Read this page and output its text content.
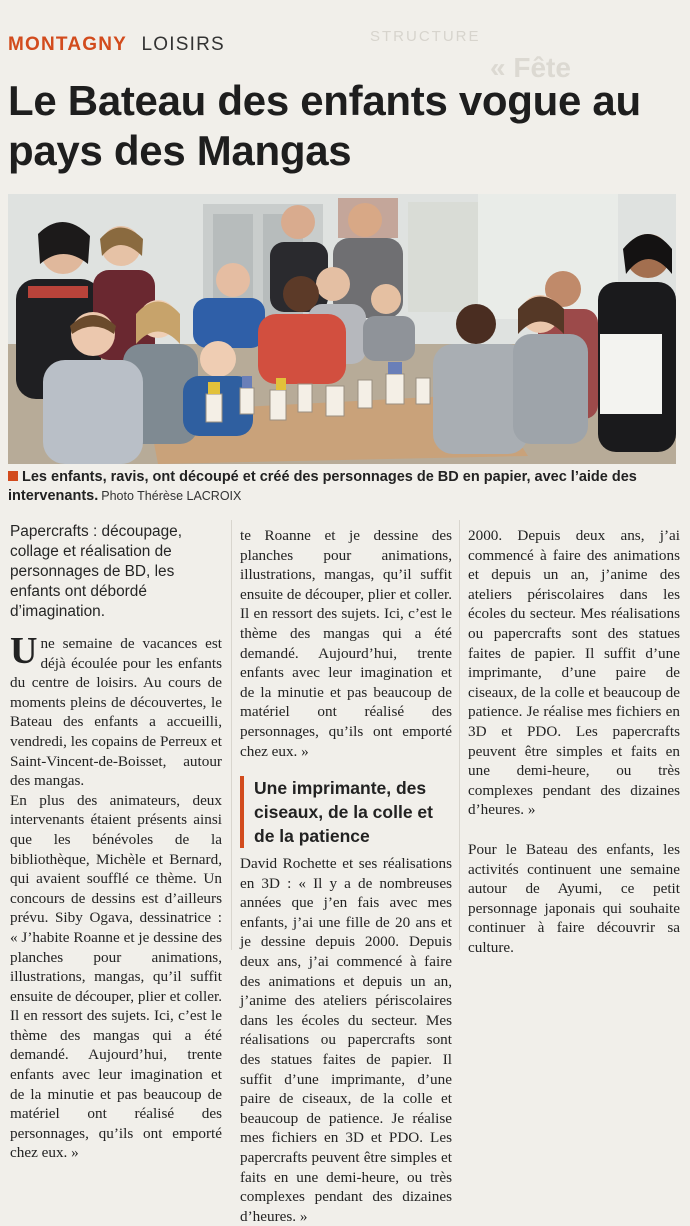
STRUCTURE
« Fête
MONTAGNY LOISIRS
Le Bateau des enfants vogue au pays des Mangas
Les enfants, ravis, ont découpé et créé des personnages de BD en papier, avec l’aide des intervenants. Photo Thérèse LACROIX

Papercrafts : découpage, collage et réalisation de personnages de BD, les enfants ont débordé d’imagination.

Une semaine de vacances est déjà écoulée pour les enfants du centre de loisirs. Au cours de moments pleins de découvertes, le Bateau des enfants a accueilli, vendredi, les copains de Perreux et Saint-Vincent-de-Boisset, autour des mangas.

En plus des animateurs, deux intervenants étaient présents ainsi que les bénévoles de la bibliothèque, Michèle et Bernard, qui avaient soufflé ce thème. Un concours de dessins est d’ailleurs prévu. Siby Ogava, dessinatrice : « J’habite Roanne et je dessine des planches pour animations, illustrations, mangas, qu’il suffit ensuite de découper, plier et coller. Il en ressort des sujets. Ici, c’est le thème des mangas qui a été demandé. Aujourd’hui, trente enfants avec leur imagination et de la minutie et pas beaucoup de matériel ont réalisé des personnages, qu’ils ont emporté chez eux. »

te Roanne et je dessine des planches pour animations, illustrations, mangas, qu’il suffit ensuite de découper, plier et coller. Il en ressort des sujets. Ici, c’est le thème des mangas qui a été demandé. Aujourd’hui, trente enfants avec leur imagination et de la minutie et pas beaucoup de matériel ont réalisé des personnages, qu’ils ont emporté chez eux. »

Une imprimante, des ciseaux, de la colle et de la patience

David Rochette et ses réalisations en 3D : « Il y a de nombreuses années que j’en fais avec mes enfants, j’ai une fille de 20 ans et je dessine depuis 2000. Depuis deux ans, j’ai commencé à faire des animations et depuis un an, j’anime des ateliers périscolaires dans les écoles du secteur. Mes réalisations ou papercrafts sont des statues faites de papier. Il suffit d’une imprimante, d’une paire de ciseaux, de la colle et beaucoup de patience. Je réalise mes fichiers en 3D et PDO. Les papercrafts peuvent être simples et faits en une demi-heure, ou très complexes pendant des dizaines d’heures. »

2000. Depuis deux ans, j’ai commencé à faire des animations et depuis un an, j’anime des ateliers périscolaires dans les écoles du secteur. Mes réalisations ou papercrafts sont des statues faites de papier. Il suffit d’une imprimante, d’une paire de ciseaux, de la colle et beaucoup de patience. Je réalise mes fichiers en 3D et PDO. Les papercrafts peuvent être simples et faits en une demi-heure, ou très complexes pendant des dizaines d’heures. »

Pour le Bateau des enfants, les activités continuent une semaine autour de Ayumi, ce petit personnage japonais qui souhaite continuer à faire découvrir sa culture.
